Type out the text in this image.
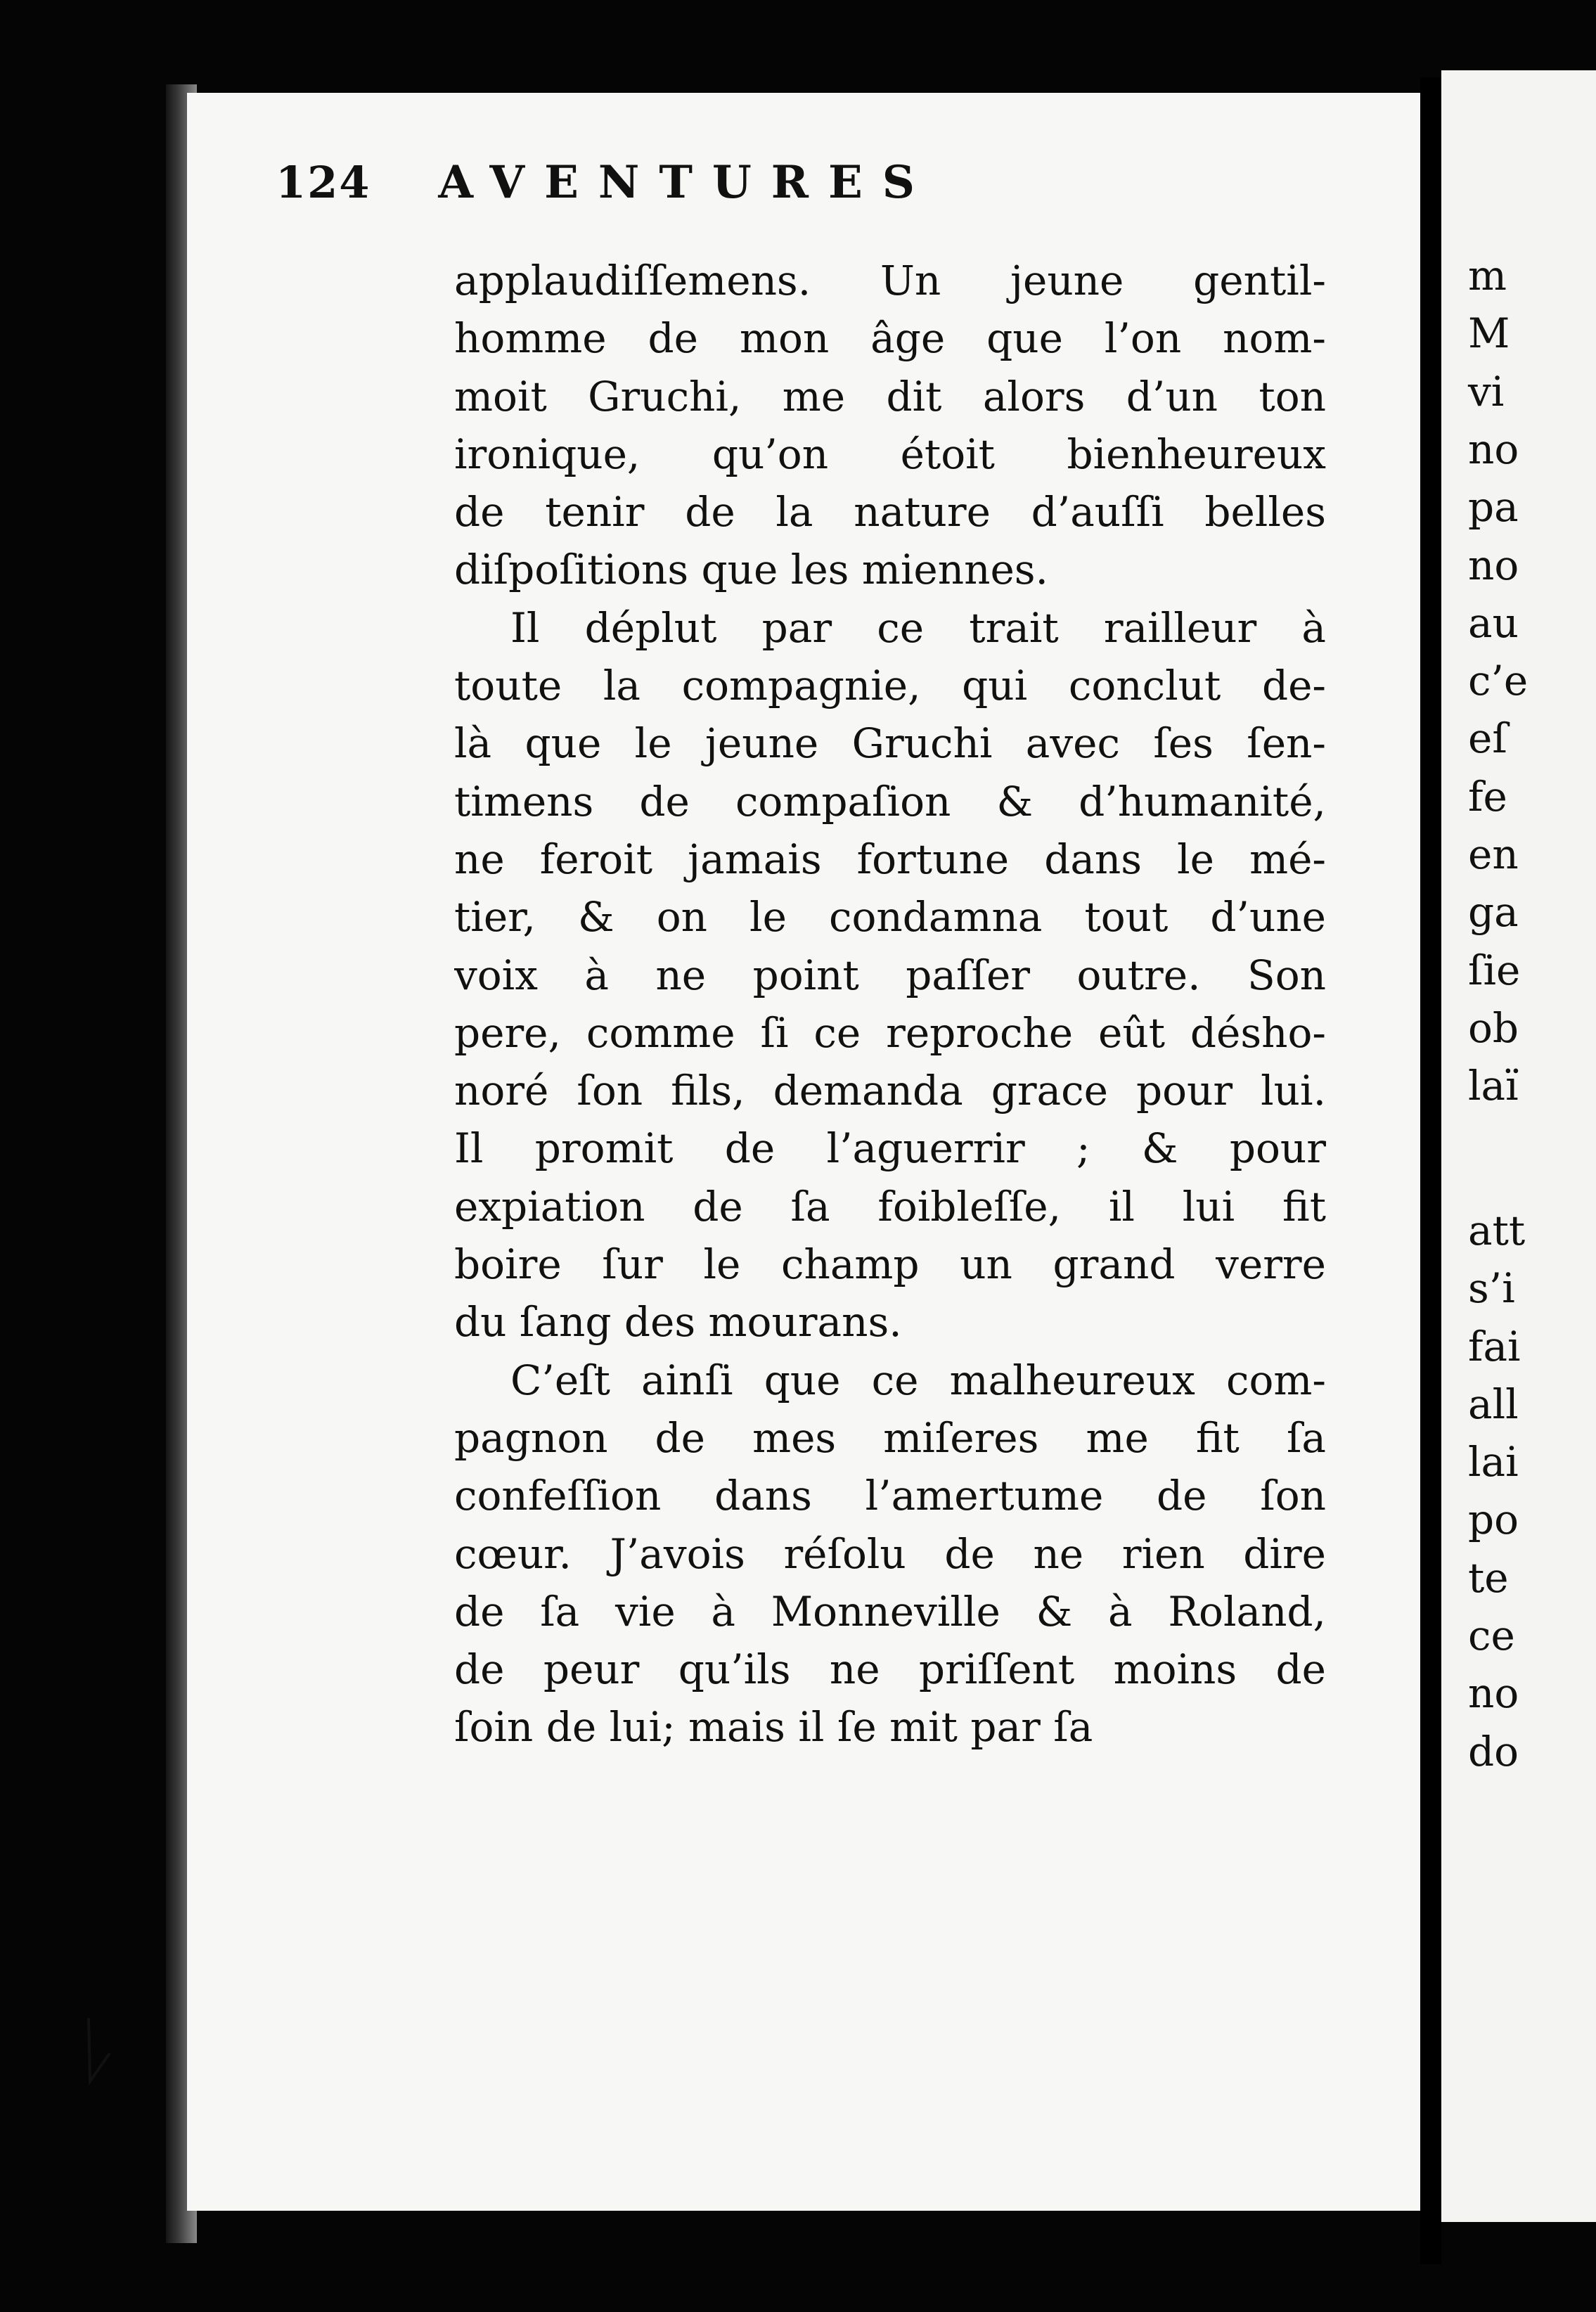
124 AVENTURES
applaudiſſemens. Un jeune gentil-
homme de mon âge que l’on nom-
moit Gruchi, me dit alors d’un ton
ironique, qu’on étoit bienheureux
de tenir de la nature d’auſſi belles
diſpoſitions que les miennes.
Il déplut par ce trait railleur à
toute la compagnie, qui conclut de-
là que le jeune Gruchi avec ſes ſen-
timens de compaſion & d’humanité,
ne feroit jamais fortune dans le mé-
tier, & on le condamna tout d’une
voix à ne point paſſer outre. Son
pere, comme ſi ce reproche eût désho-
noré ſon fils, demanda grace pour lui.
Il promit de l’aguerrir ; & pour
expiation de ſa foibleſſe, il lui fit
boire ſur le champ un grand verre
du ſang des mourans.
C’eſt ainſi que ce malheureux com-
pagnon de mes miſeres me fit ſa
confeſſion dans l’amertume de ſon
cœur. J’avois réſolu de ne rien dire
de ſa vie à Monneville & à Roland,
de peur qu’ils ne priſſent moins de
ſoin de lui; mais il ſe mit par ſa
m
M
vi
no
pa
no
au
c’e
eſ
fe
en
ga
ſie
ob
laï
att
s’i
fai
all
lai
po
te
ce
no
do
